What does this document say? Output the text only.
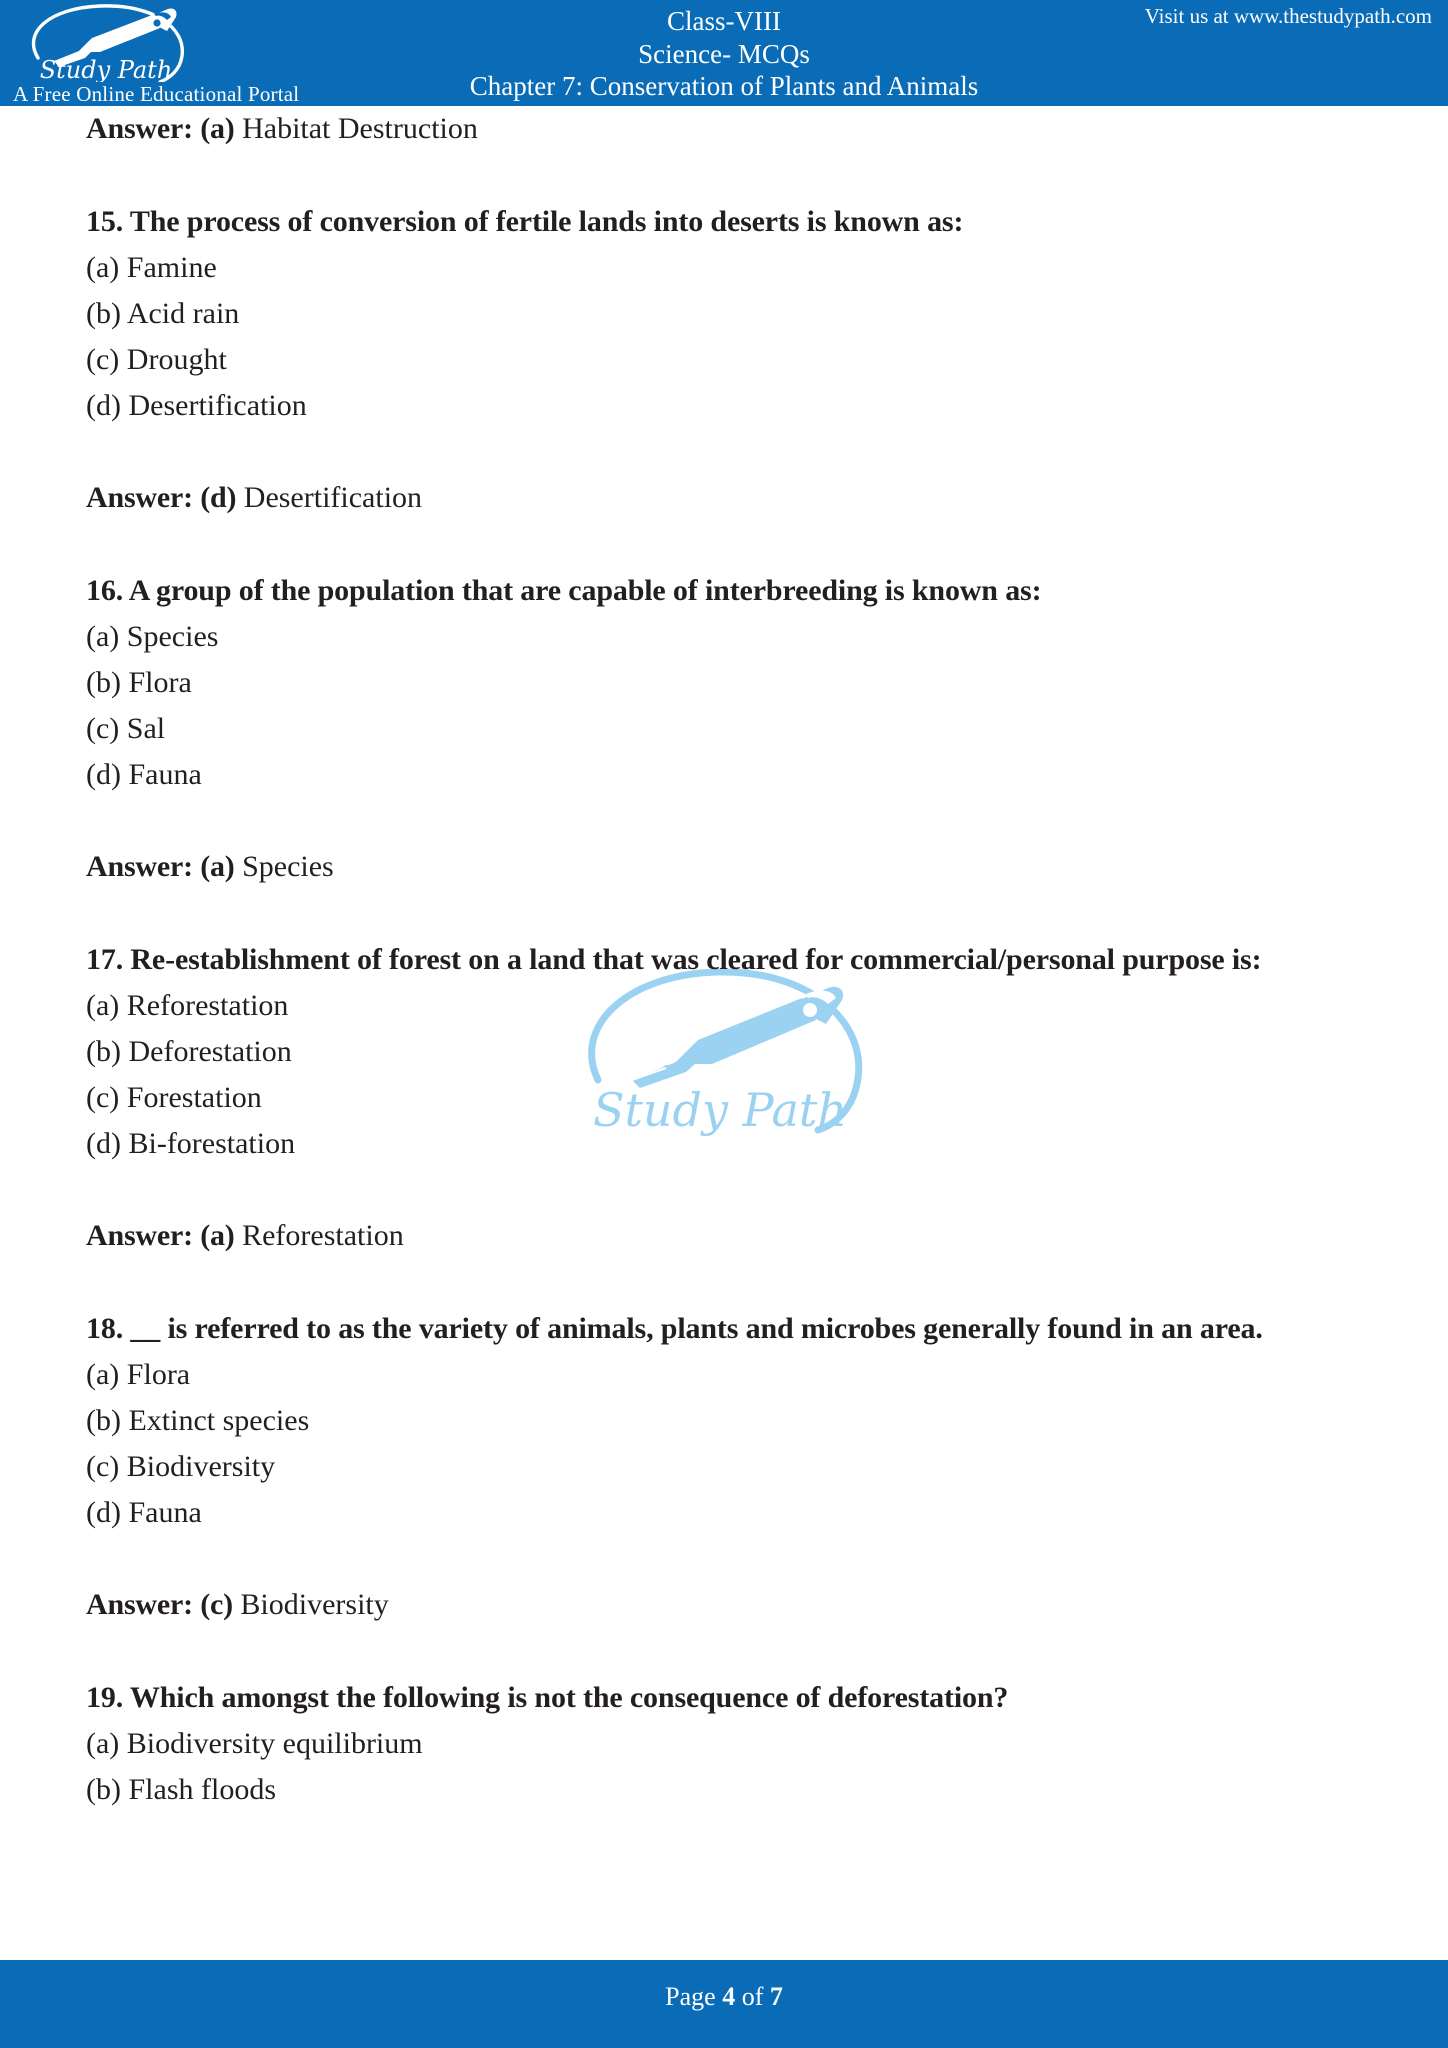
Study Path
Study Path
A Free Online Educational Portal
Class-VIII
Science- MCQs
Chapter 7: Conservation of Plants and Animals
Visit us at www.thestudypath.com
Answer: (a) Habitat Destruction
15. The process of conversion of fertile lands into deserts is known as:
(a) Famine
(b) Acid rain
(c) Drought
(d) Desertification
Answer: (d) Desertification
16. A group of the population that are capable of interbreeding is known as:
(a) Species
(b) Flora
(c) Sal
(d) Fauna
Answer: (a) Species
17. Re-establishment of forest on a land that was cleared for commercial/personal purpose is:
(a) Reforestation
(b) Deforestation
(c) Forestation
(d) Bi-forestation
Answer: (a) Reforestation
18. __ is referred to as the variety of animals, plants and microbes generally found in an area.
(a) Flora
(b) Extinct species
(c) Biodiversity
(d) Fauna
Answer: (c) Biodiversity
19. Which amongst the following is not the consequence of deforestation?
(a) Biodiversity equilibrium
(b) Flash floods
Page 4 of 7
